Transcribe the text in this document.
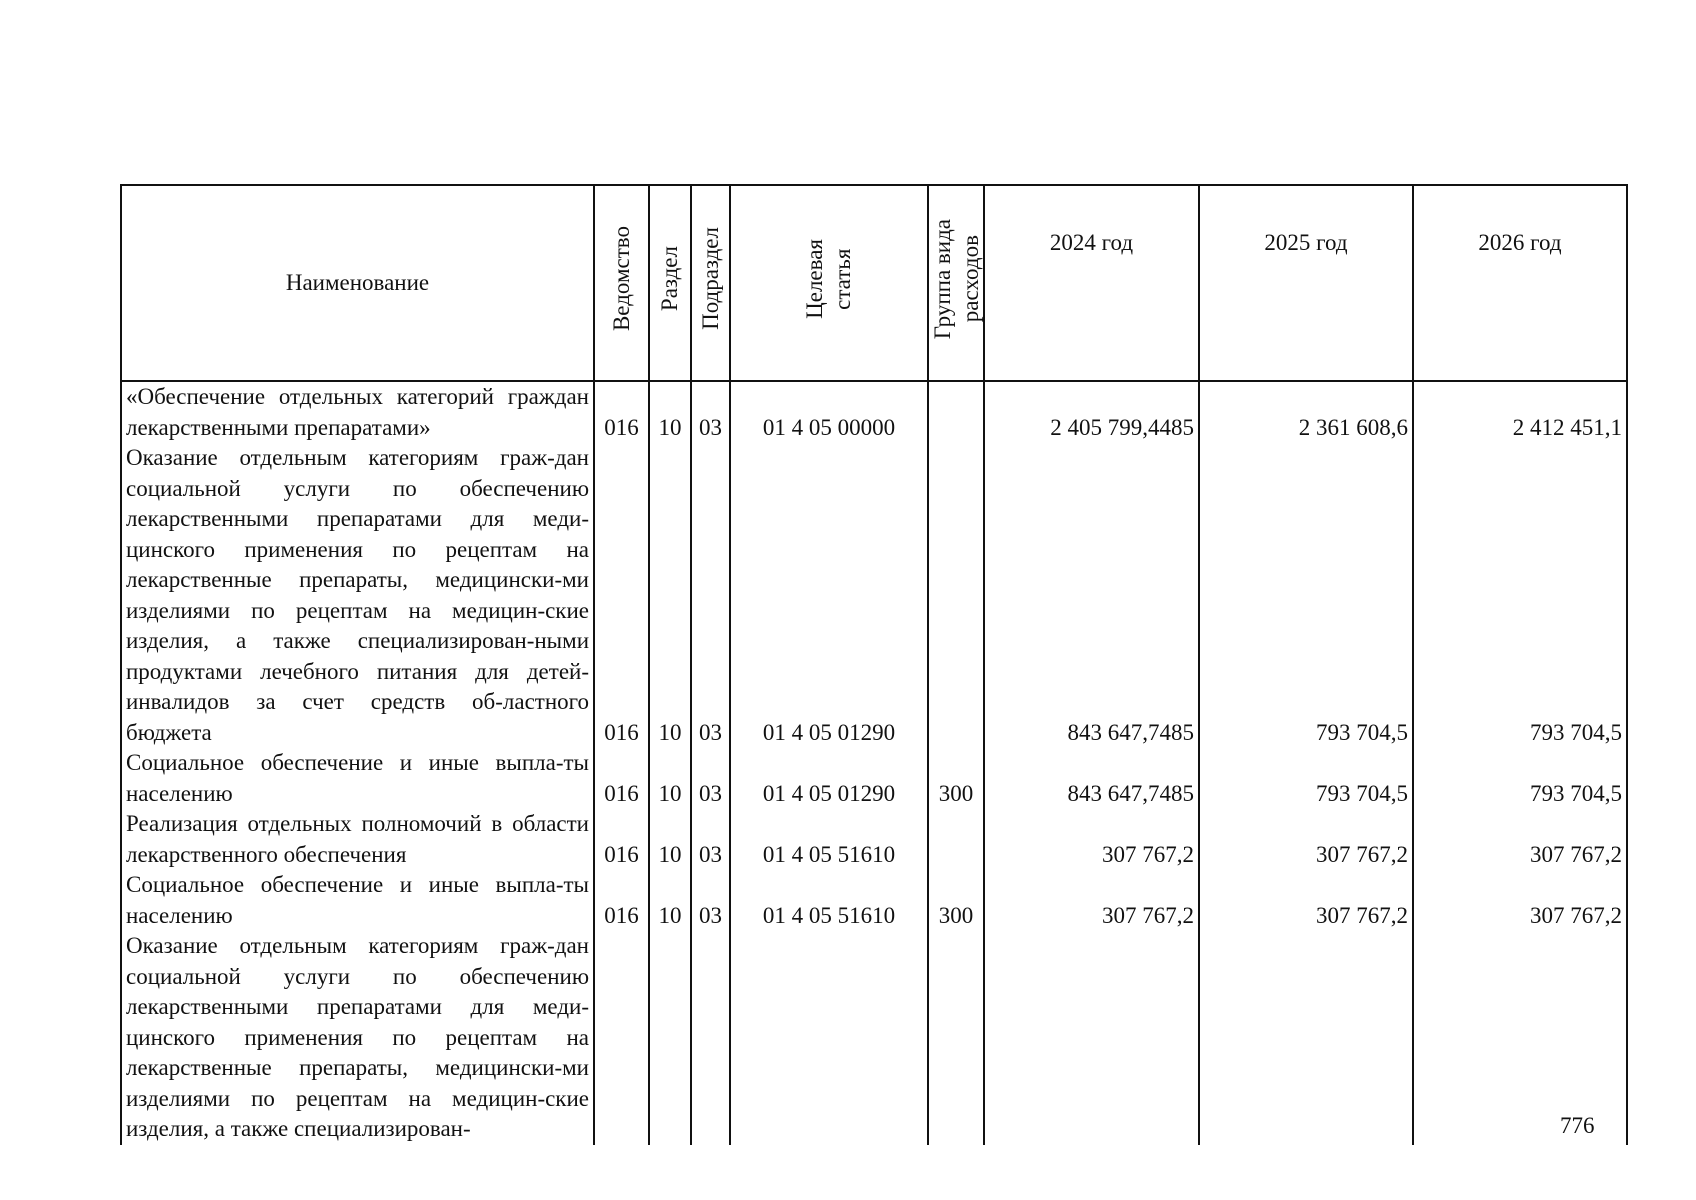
Наименование	Ведомство	Раздел	Подраздел	Целевая статья	Группа вида расходов	2024 год	2025 год	2026 год
«Обеспечение отдельных категорий граждан лекарственными препаратами»	016	10	03	01 4 05 00000		2 405 799,4485	2 361 608,6	2 412 451,1
Оказание отдельным категориям граж-дан социальной услуги по обеспечению лекарственными препаратами для меди-цинского применения по рецептам на лекарственные препараты, медицински-ми изделиями по рецептам на медицин-ские изделия, а также специализирован-ными продуктами лечебного питания для детей-инвалидов за счет средств об-ластного бюджета	016	10	03	01 4 05 01290		843 647,7485	793 704,5	793 704,5
Социальное обеспечение и иные выпла-ты населению	016	10	03	01 4 05 01290	300	843 647,7485	793 704,5	793 704,5
Реализация отдельных полномочий в области лекарственного обеспечения	016	10	03	01 4 05 51610		307 767,2	307 767,2	307 767,2
Социальное обеспечение и иные выпла-ты населению	016	10	03	01 4 05 51610	300	307 767,2	307 767,2	307 767,2
Оказание отдельным категориям граж-дан социальной услуги по обеспечению лекарственными препаратами для меди-цинского применения по рецептам на лекарственные препараты, медицински-ми изделиями по рецептам на медицин-ские изделия, а также специализирован-									776
